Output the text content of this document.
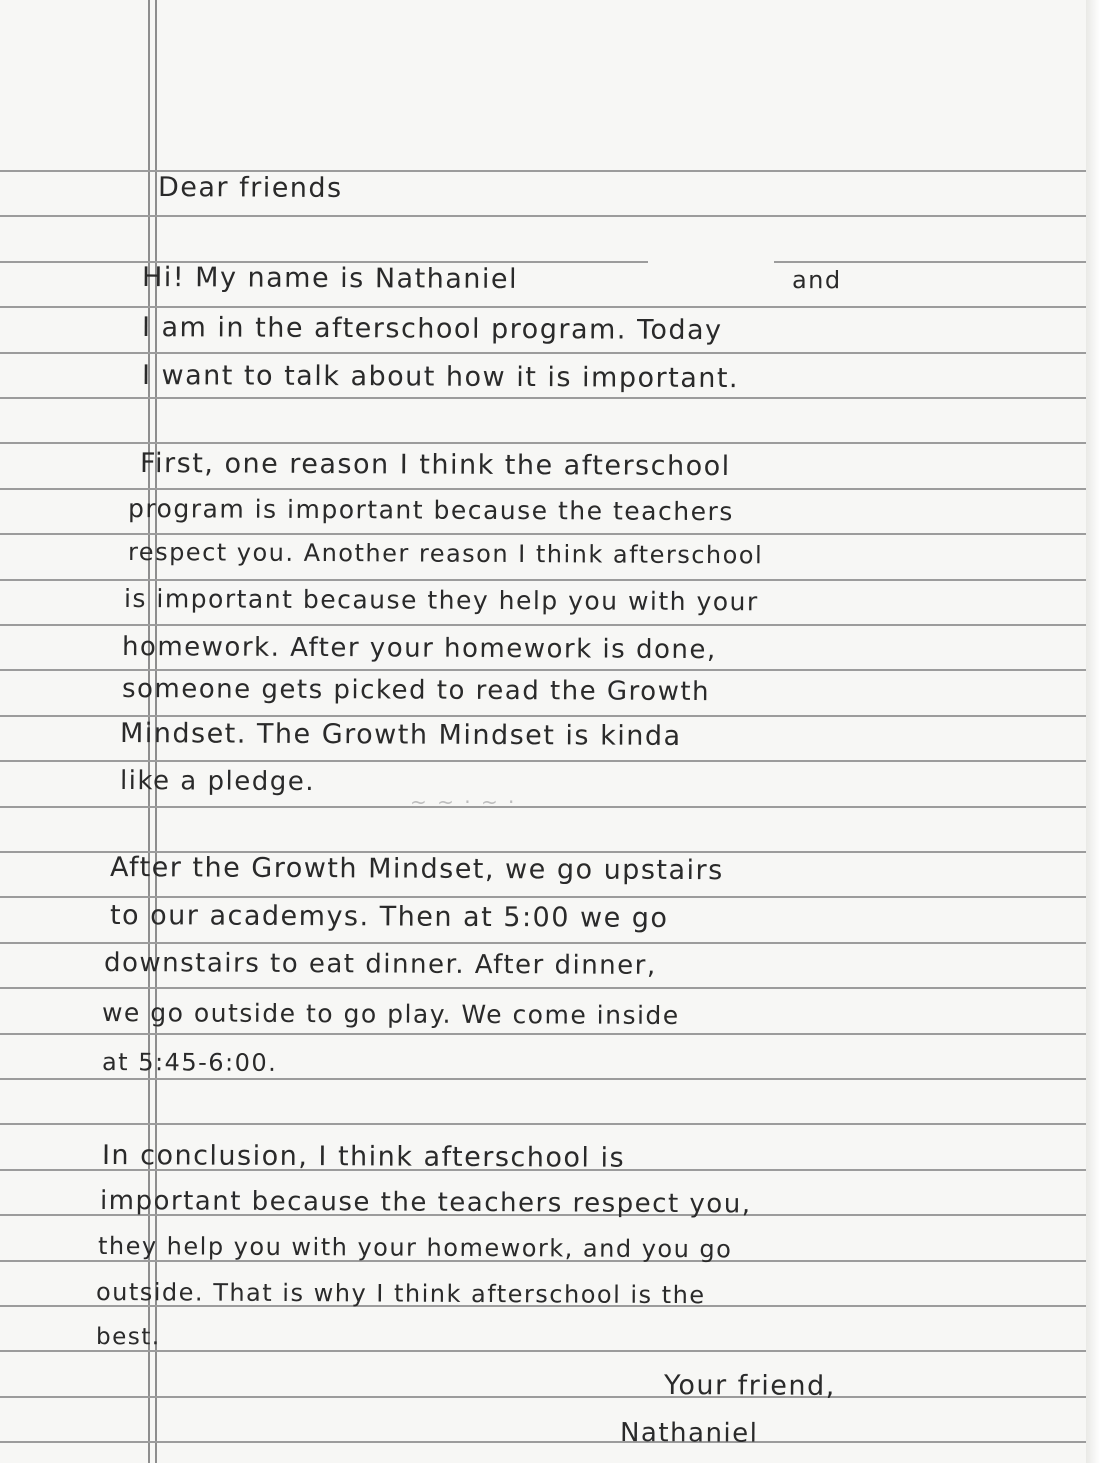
~ ~ · ~ ·

Dear friends

Hi! My name is Nathaniel	and

I am in the afterschool program. Today

I want to talk about how it is important.

First, one reason I think the afterschool

program is important because the teachers

respect you. Another reason I think afterschool

is important because they help you with your

homework. After your homework is done,

someone gets picked to read the Growth

Mindset. The Growth Mindset is kinda

like a pledge.

After the Growth Mindset, we go upstairs

to our academys. Then at 5:00 we go

downstairs to eat dinner. After dinner,

we go outside to go play. We come inside

at 5:45-6:00.

In conclusion, I think afterschool is

important because the teachers respect you,

they help you with your homework, and you go

outside. That is why I think afterschool is the

best.

Your friend,

Nathaniel
